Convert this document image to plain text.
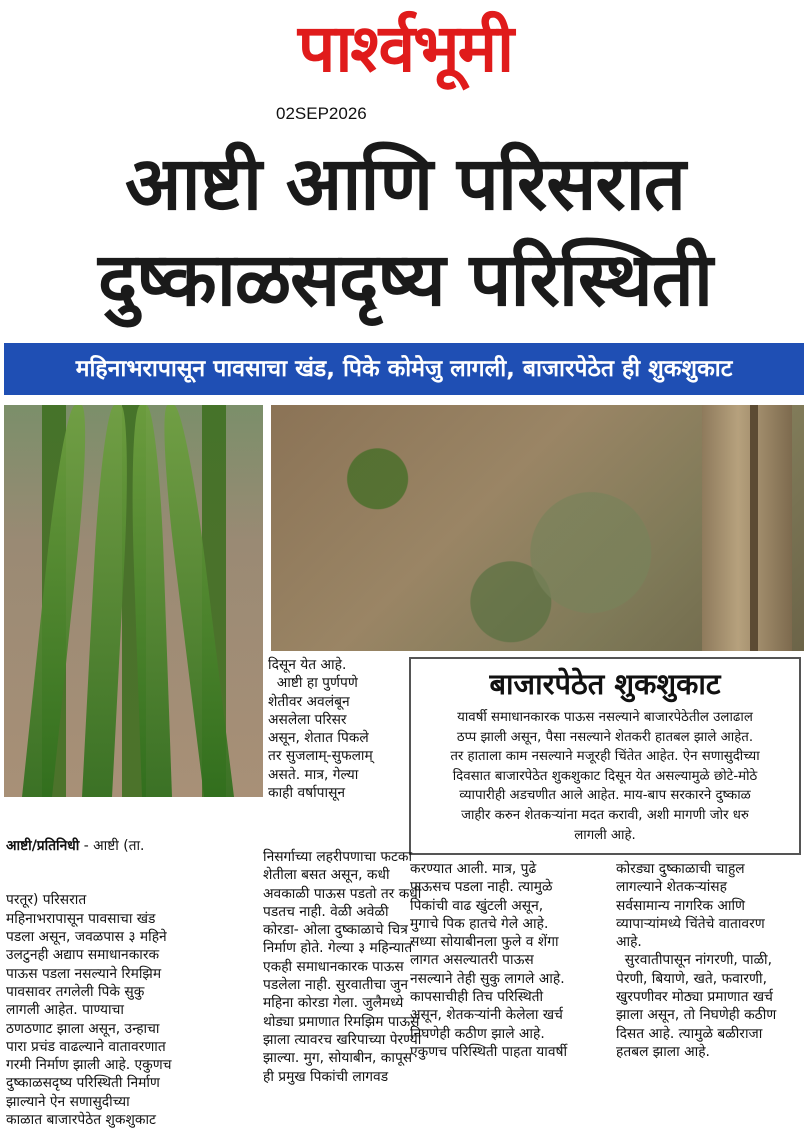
पार्श्वभूमी
02SEP2026
आष्टी आणि परिसरात
दुष्काळसदृष्य परिस्थिती
महिनाभरापासून पावसाचा खंड, पिके कोमेजु लागली, बाजारपेठेत ही शुकशुकाट
दिसून येत आहे.
आष्टी हा पुर्णपणे
शेतीवर अवलंबून
असलेला परिसर
असून, शेतात पिकले
तर सुजलाम्-सुफलाम्
असते. मात्र, गेल्या
काही वर्षापासून
बाजारपेठेत शुकशुकाट
यावर्षी समाधानकारक पाऊस नसल्याने बाजारपेठेतील उलाढाल
ठप्प झाली असून, पैसा नसल्याने शेतकरी हातबल झाले आहेत.
तर हाताला काम नसल्याने मजूरही चिंतेत आहेत. ऐन सणासुदीच्या
दिवसात बाजारपेठेत शुकशुकाट दिसून येत असल्यामुळे छोटे-मोठे
व्यापारीही अडचणीत आले आहेत. माय-बाप सरकारने दुष्काळ
जाहीर करुन शेतकऱ्यांना मदत करावी, अशी मागणी जोर धरु
लागली आहे.

आष्टी/प्रतिनिधी - आष्टी (ता.

परतूर) परिसरात
महिनाभरापासून पावसाचा खंड
पडला असून, जवळपास ३ महिने
उलटुनही अद्याप समाधानकारक
पाऊस पडला नसल्याने रिमझिम
पावसावर तगलेली पिके सुकु
लागली आहेत. पाण्याचा
ठणठणाट झाला असून, उन्हाचा
पारा प्रचंड वाढल्याने वातावरणात
गरमी निर्माण झाली आहे. एकुणच
दुष्काळसदृष्य परिस्थिती निर्माण
झाल्याने ऐन सणासुदीच्या
काळात बाजारपेठेत शुकशुकाट

निसर्गाच्या लहरीपणाचा फटका
शेतीला बसत असून, कधी
अवकाळी पाऊस पडतो तर कधी
पडतच नाही. वेळी अवेळी
कोरडा- ओला दुष्काळाचे चित्र
निर्माण होते. गेल्या ३ महिन्यात
एकही समाधानकारक पाऊस
पडलेला नाही. सुरवातीचा जुन
महिना कोरडा गेला. जुलैमध्ये
थोड्या प्रमाणात रिमझिम पाऊस
झाला त्यावरच खरिपाच्या पेरण्या
झाल्या. मुग, सोयाबीन, कापूस
ही प्रमुख पिकांची लागवड
करण्यात आली. मात्र, पुढे
पाऊसच पडला नाही. त्यामुळे
पिकांची वाढ खुंटली असून,
मुगाचे पिक हातचे गेले आहे.
सध्या सोयाबीनला फुले व शेंगा
लागत असल्यातरी पाऊस
नसल्याने तेही सुकु लागले आहे.
कापसाचीही तिच परिस्थिती
असून, शेतकऱ्यांनी केलेला खर्च
निघणेही कठीण झाले आहे.
एकुणच परिस्थिती पाहता यावर्षी
कोरड्या दुष्काळाची चाहुल
लागल्याने शेतकऱ्यांसह
सर्वसामान्य नागरिक आणि
व्यापाऱ्यांमध्ये चिंतेचे वातावरण
आहे.
सुरवातीपासून नांगरणी, पाळी,
पेरणी, बियाणे, खते, फवारणी,
खुरपणीवर मोठ्या प्रमाणात खर्च
झाला असून, तो निघणेही कठीण
दिसत आहे. त्यामुळे बळीराजा
हतबल झाला आहे.
